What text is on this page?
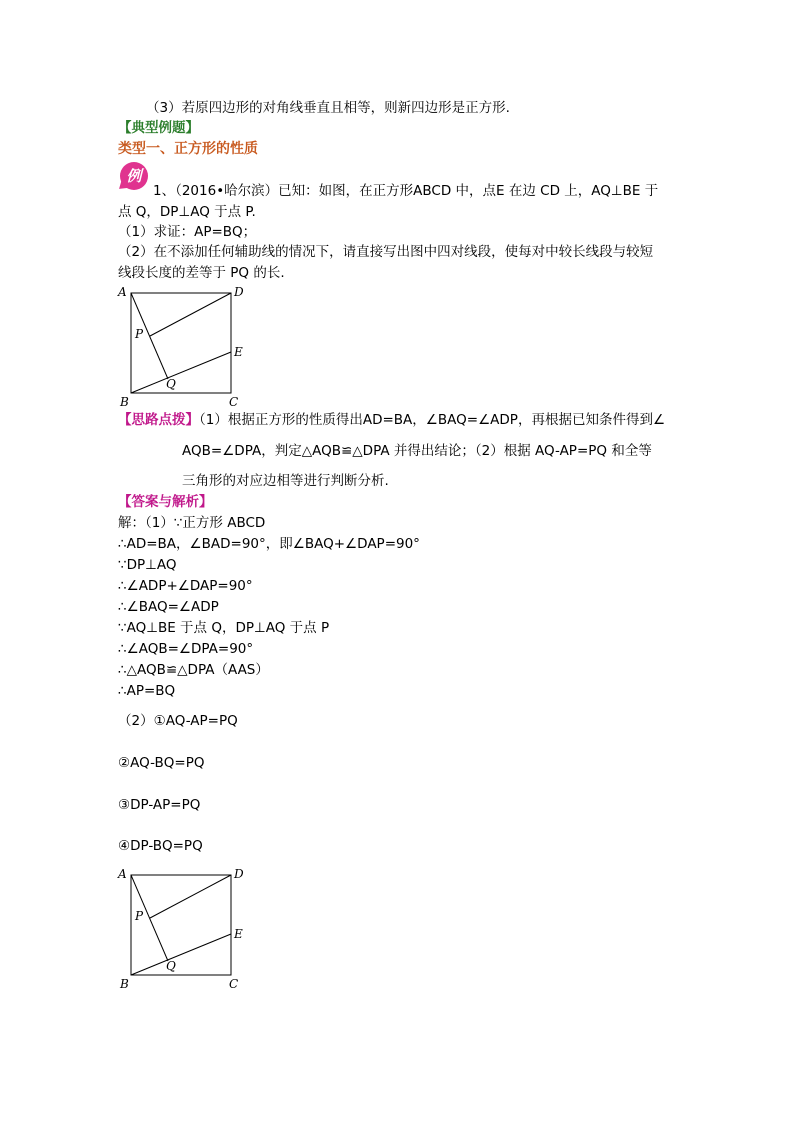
（3）若原四边形的对角线垂直且相等，则新四边形是正方形.
【典型例题】
类型一、正方形的性质
例
1、（2016•哈尔滨）已知：如图，在正方形ABCD 中，点E 在边 CD 上，AQ⊥BE 于
点 Q，DP⊥AQ 于点 P.
（1）求证：AP=BQ；
（2）在不添加任何辅助线的情况下，请直接写出图中四对线段，使每对中较长线段与较短
线段长度的差等于 PQ 的长.
A	D
P
E
Q
B	C
【思路点拨】（1）根据正方形的性质得出AD=BA，∠BAQ=∠ADP，再根据已知条件得到∠
AQB=∠DPA，判定△AQB≌△DPA 并得出结论；（2）根据 AQ-AP=PQ 和全等
三角形的对应边相等进行判断分析.
【答案与解析】
解：（1）∵正方形 ABCD
∴AD=BA，∠BAD=90°，即∠BAQ+∠DAP=90°
∵DP⊥AQ
∴∠ADP+∠DAP=90°
∴∠BAQ=∠ADP
∵AQ⊥BE 于点 Q，DP⊥AQ 于点 P
∴∠AQB=∠DPA=90°
∴△AQB≌△DPA（AAS）
∴AP=BQ
（2）①AQ-AP=PQ
②AQ-BQ=PQ
③DP-AP=PQ
④DP-BQ=PQ
A	D
P
E
Q
B	C
